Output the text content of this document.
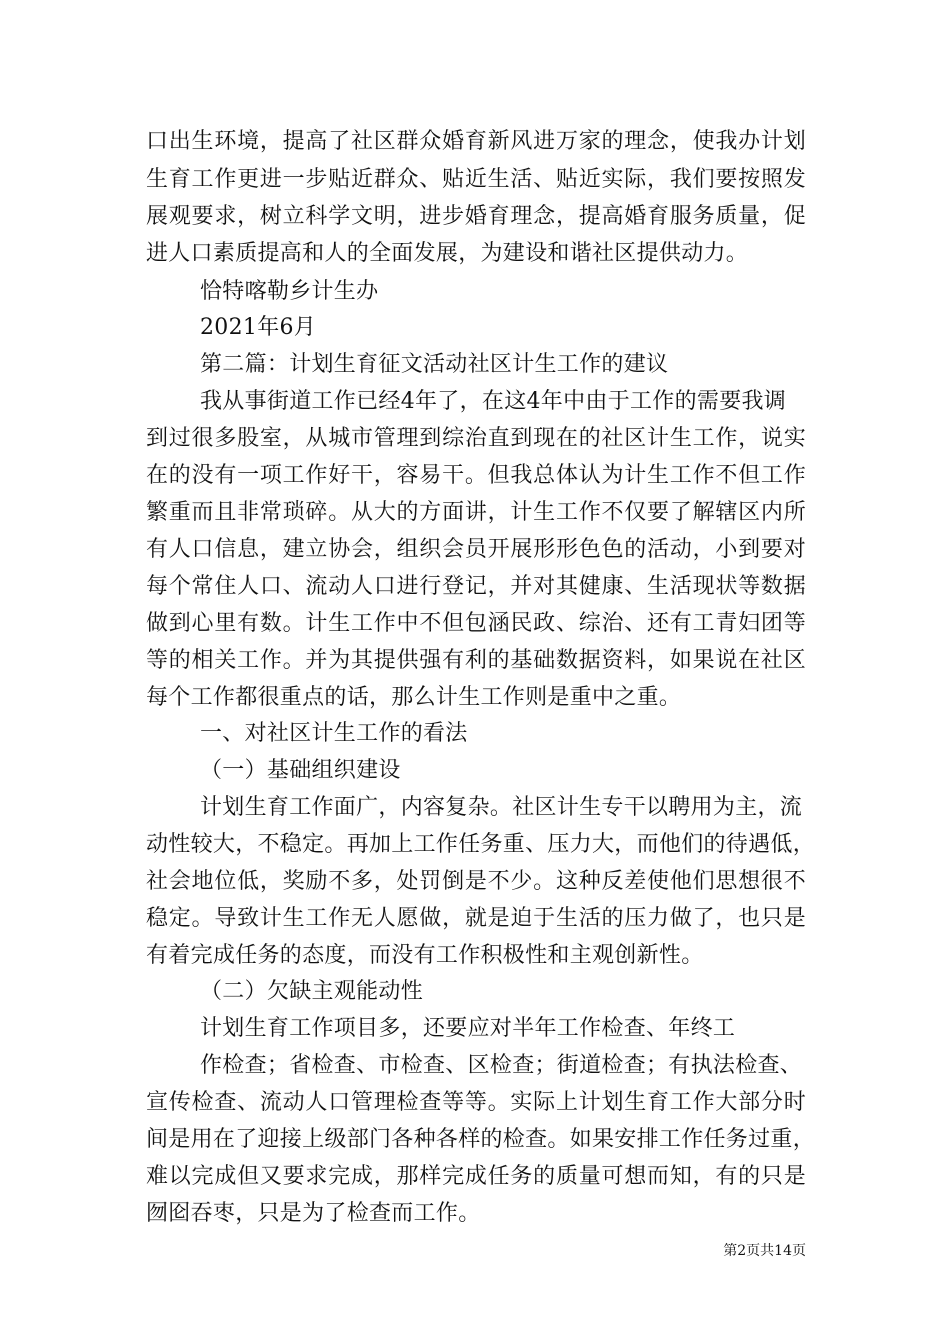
口出生环境，提高了社区群众婚育新风进万家的理念，使我办计划
生育工作更进一步贴近群众、贴近生活、贴近实际，我们要按照发
展观要求，树立科学文明，进步婚育理念，提高婚育服务质量，促
进人口素质提高和人的全面发展，为建设和谐社区提供动力。
恰特喀勒乡计生办
2021年6月
第二篇：计划生育征文活动社区计生工作的建议
我从事街道工作已经4年了，在这4年中由于工作的需要我调
到过很多股室，从城市管理到综治直到现在的社区计生工作，说实
在的没有一项工作好干，容易干。但我总体认为计生工作不但工作
繁重而且非常琐碎。从大的方面讲，计生工作不仅要了解辖区内所
有人口信息，建立协会，组织会员开展形形色色的活动，小到要对
每个常住人口、流动人口进行登记，并对其健康、生活现状等数据
做到心里有数。计生工作中不但包涵民政、综治、还有工青妇团等
等的相关工作。并为其提供强有利的基础数据资料，如果说在社区
每个工作都很重点的话，那么计生工作则是重中之重。
一、对社区计生工作的看法
（一）基础组织建设
计划生育工作面广，内容复杂。社区计生专干以聘用为主，流
动性较大，不稳定。再加上工作任务重、压力大，而他们的待遇低，
社会地位低，奖励不多，处罚倒是不少。这种反差使他们思想很不
稳定。导致计生工作无人愿做，就是迫于生活的压力做了，也只是
有着完成任务的态度，而没有工作积极性和主观创新性。
（二）欠缺主观能动性
计划生育工作项目多，还要应对半年工作检查、年终工
作检查；省检查、市检查、区检查；街道检查；有执法检查、
宣传检查、流动人口管理检查等等。实际上计划生育工作大部分时
间是用在了迎接上级部门各种各样的检查。如果安排工作任务过重，
难以完成但又要求完成，那样完成任务的质量可想而知，有的只是
囫囵吞枣，只是为了检查而工作。
第2页共14页
